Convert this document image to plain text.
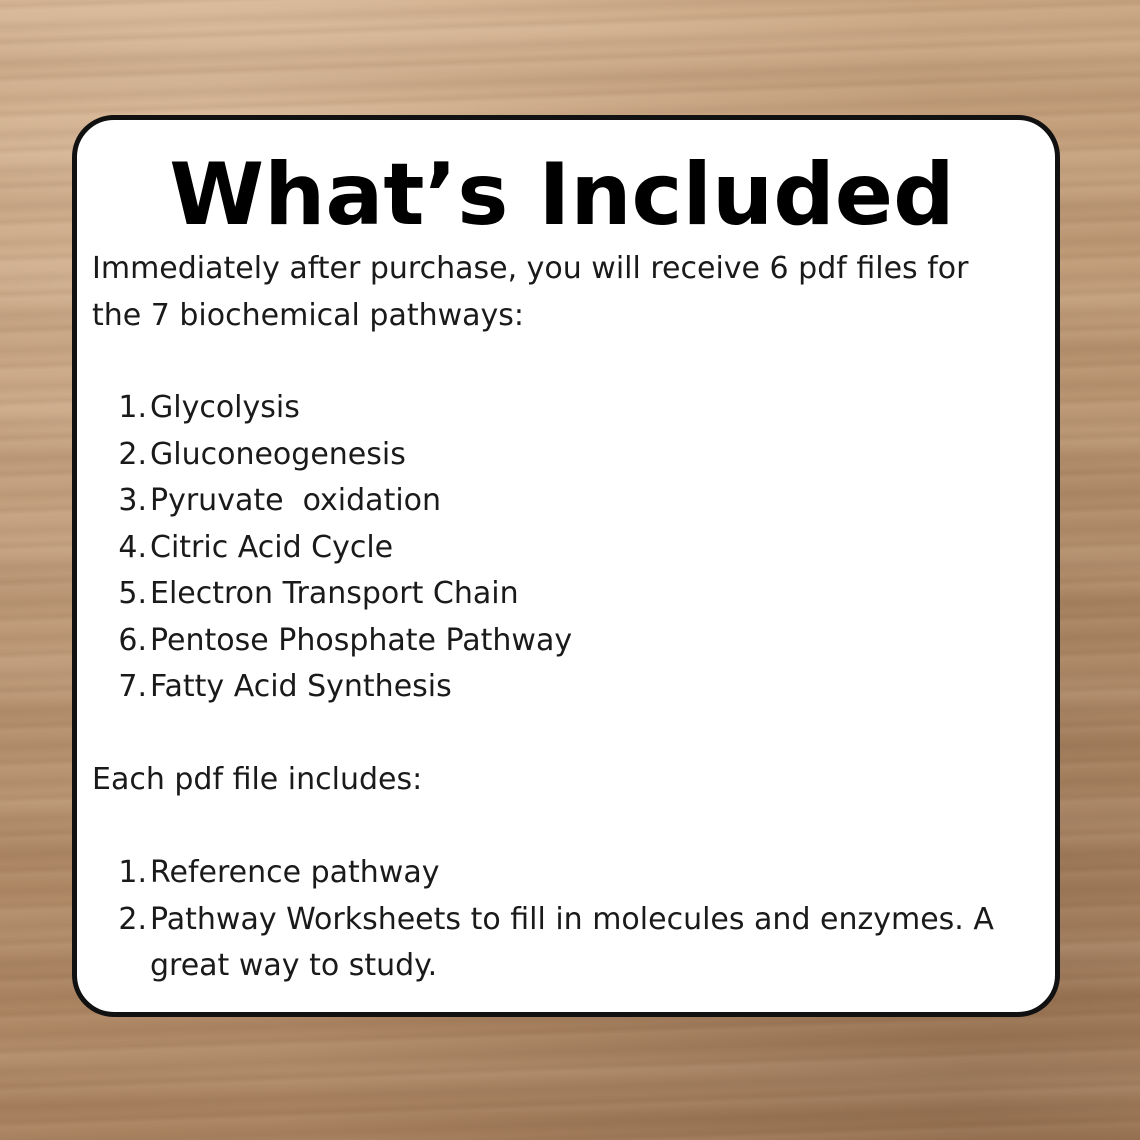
What’s Included
Immediately after purchase, you will receive 6 pdf files for
the 7 biochemical pathways:
1. Glycolysis
2. Gluconeogenesis
3. Pyruvate  oxidation
4. Citric Acid Cycle
5. Electron Transport Chain
6. Pentose Phosphate Pathway
7. Fatty Acid Synthesis
Each pdf file includes:
1. Reference pathway
2. Pathway Worksheets to fill in molecules and enzymes. A
great way to study.
